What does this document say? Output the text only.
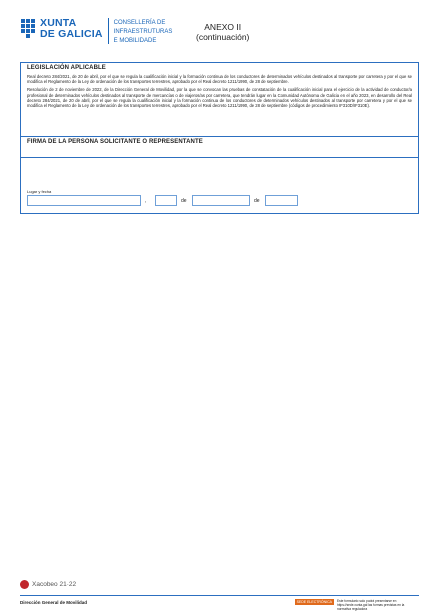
XUNTA
DE GALICIA
CONSELLERÍA DE
INFRAESTRUTURAS
E MOBILIDADE
ANEXO II
(continuación)
LEGISLACIÓN APLICABLE

Real decreto 284/2021, de 20 de abril, por el que se regula la cualificación inicial y la formación continua de los conductores de determinados vehículos destinados al transporte por carretera y por el que se modifica el Reglamento de la Ley de ordenación de los transportes terrestres, aprobado por el Real decreto 1211/1990, de 28 de septiembre.

Resolución de 2 de noviembre de 2022, de la Dirección General de Movilidad, por la que se convocan las pruebas de constatación de la cualificación inicial para el ejercicio de la actividad de conductor/a profesional de determinados vehículos destinados al transporte de mercancías o de viajeros/as por carretera, que tendrán lugar en la Comunidad Autónoma de Galicia en el año 2023, en desarrollo del Real decreto 284/2021, de 20 de abril, por el que se regula la cualificación inicial y la formación continua de los conductores de determinados vehículos destinados al transporte por carretera y por el que se modifica el Reglamento de la Ley de ordenación de los transportes terrestres, aprobado por el Real decreto 1211/1990, de 28 de septiembre (códigos de procedimiento IF310D/IF310E).

FIRMA DE LA PERSONA SOLICITANTE O REPRESENTANTE
Lugar y fecha
,	de	de
Xacobeo 21·22
Dirección General de Movilidad	SEDE ELECTRÓNICA	Este formulario solo podrá presentarse en https://sede.xunta.gal las formas previstas en la normativa reguladora
